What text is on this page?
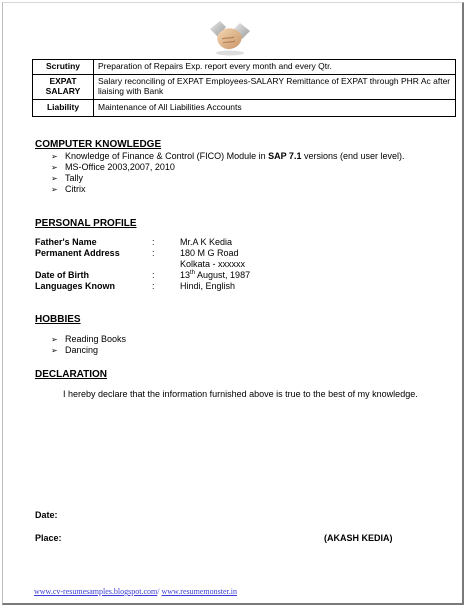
Scrutiny	Preparation of Repairs Exp. report every month and every Qtr.

EXPAT
SALARY	Salary reconciling of EXPAT Employees-SALARY Remittance of EXPAT through PHR Ac after liaising with Bank
Liability	Maintenance of All Liabilities Accounts
COMPUTER KNOWLEDGE
➢ Knowledge of Finance & Control (FICO) Module in SAP 7.1 versions (end user level).
➢ MS-Office 2003,2007, 2010
➢ Tally
➢ Citrix
PERSONAL PROFILE
Father's Name	:	Mr.A K Kedia
Permanent Address	:	180 M G Road
Kolkata - xxxxxx
Date of Birth	:	13th August, 1987
Languages Known	:	Hindi, English
HOBBIES
➢ Reading Books
➢ Dancing
DECLARATION
I hereby declare that the information furnished above is true to the best of my knowledge.
Date:
Place:	(AKASH KEDIA)
www.cv-resumesamples.blogspot.com/ www.resumemonster.in
